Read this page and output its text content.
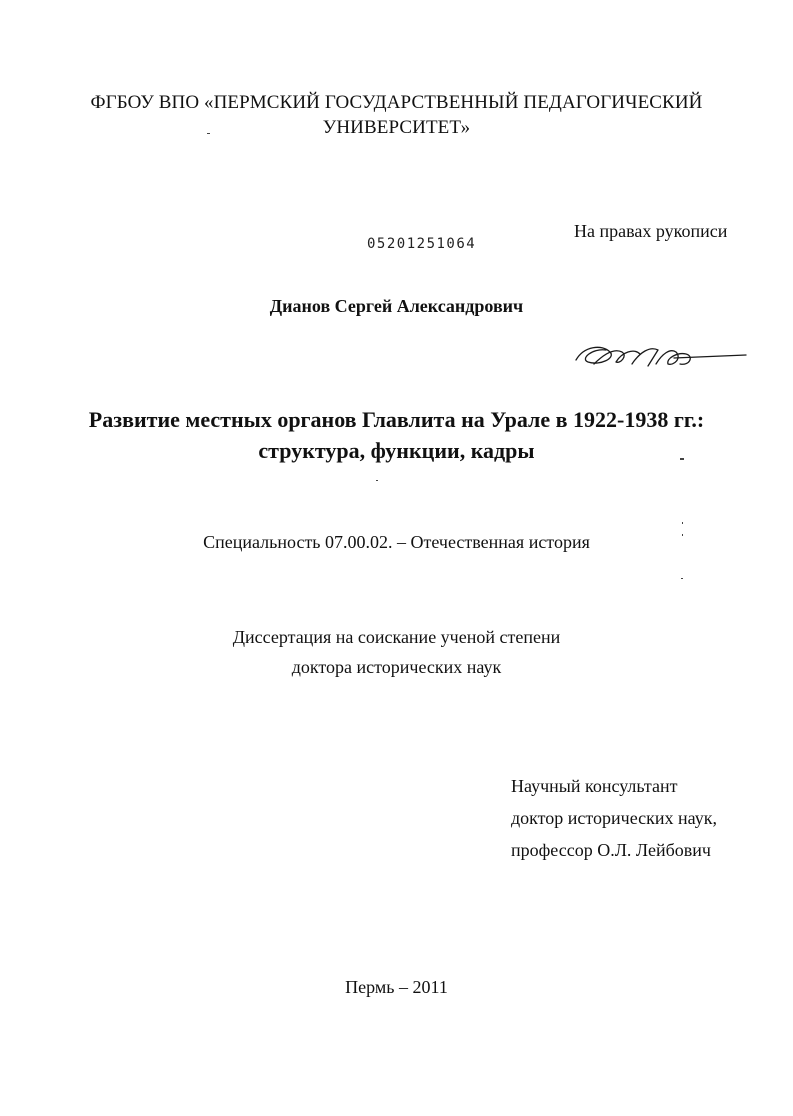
ФГБОУ ВПО «ПЕРМСКИЙ ГОСУДАРСТВЕННЫЙ ПЕДАГОГИЧЕСКИЙ
УНИВЕРСИТЕТ»
05201251064
На правах рукописи
Дианов Сергей Александрович
Развитие местных органов Главлита на Урале в 1922-1938 гг.:
структура, функции, кадры
Специальность 07.00.02. – Отечественная история
Диссертация на соискание ученой степени
доктора исторических наук
Научный консультант
доктор исторических наук,
профессор О.Л. Лейбович
Пермь – 2011
